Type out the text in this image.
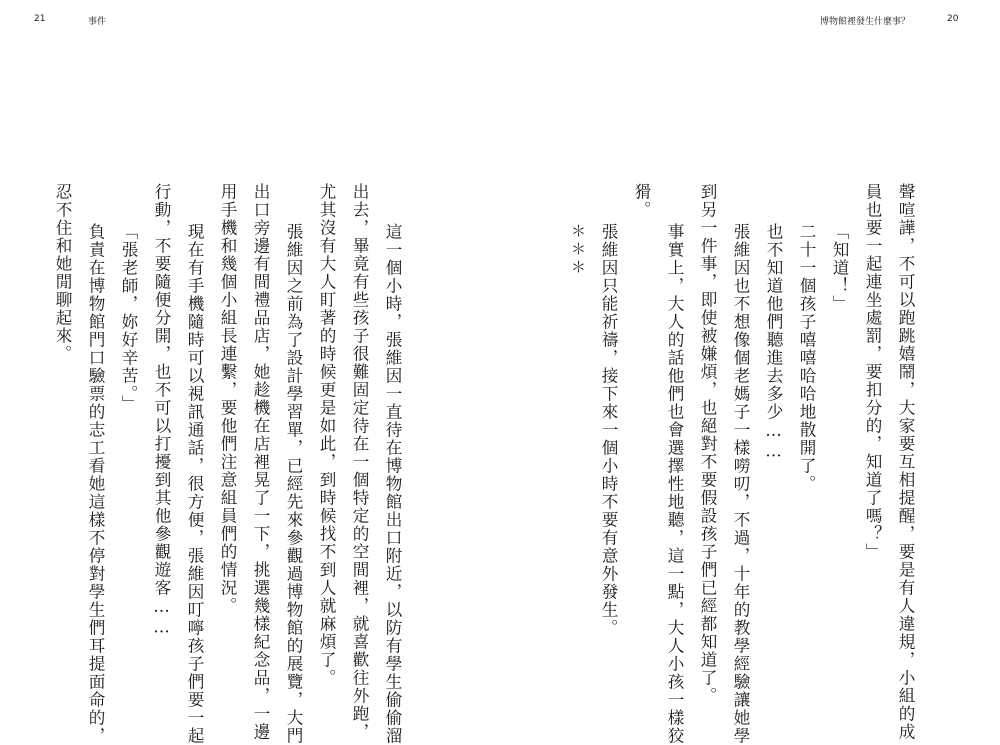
21	事件	博物館裡發生什麼事？	20
聲喧譁，不可以跑跳嬉鬧，大家要互相提醒，要是有人違規，小組的成
員也要一起連坐處罰，要扣分的，知道了嗎？」
「知道！」
二十一個孩子嘻嘻哈哈地散開了。
也不知道他們聽進去多少……
張維因也不想像個老媽子一樣嘮叨，不過，十年的教學經驗讓她學
到另一件事，即使被嫌煩，也絕對不要假設孩子們已經都知道了。
事實上，大人的話他們也會選擇性地聽，這一點，大人小孩一樣狡
猾。
張維因只能祈禱，接下來一個小時不要有意外發生。
＊＊＊
這一個小時，張維因一直待在博物館出口附近，以防有學生偷偷溜
出去，畢竟有些孩子很難固定待在一個特定的空間裡，就喜歡往外跑，
尤其沒有大人盯著的時候更是如此，到時候找不到人就麻煩了。
張維因之前為了設計學習單，已經先來參觀過博物館的展覽，大門
出口旁邊有間禮品店，她趁機在店裡晃了一下，挑選幾樣紀念品，一邊
用手機和幾個小組長連繫，要他們注意組員們的情況。
現在有手機隨時可以視訊通話，很方便，張維因叮嚀孩子們要一起
行動，不要隨便分開，也不可以打擾到其他參觀遊客……
「張老師，妳好辛苦。」
負責在博物館門口驗票的志工看她這樣不停對學生們耳提面命的，
忍不住和她閒聊起來。
